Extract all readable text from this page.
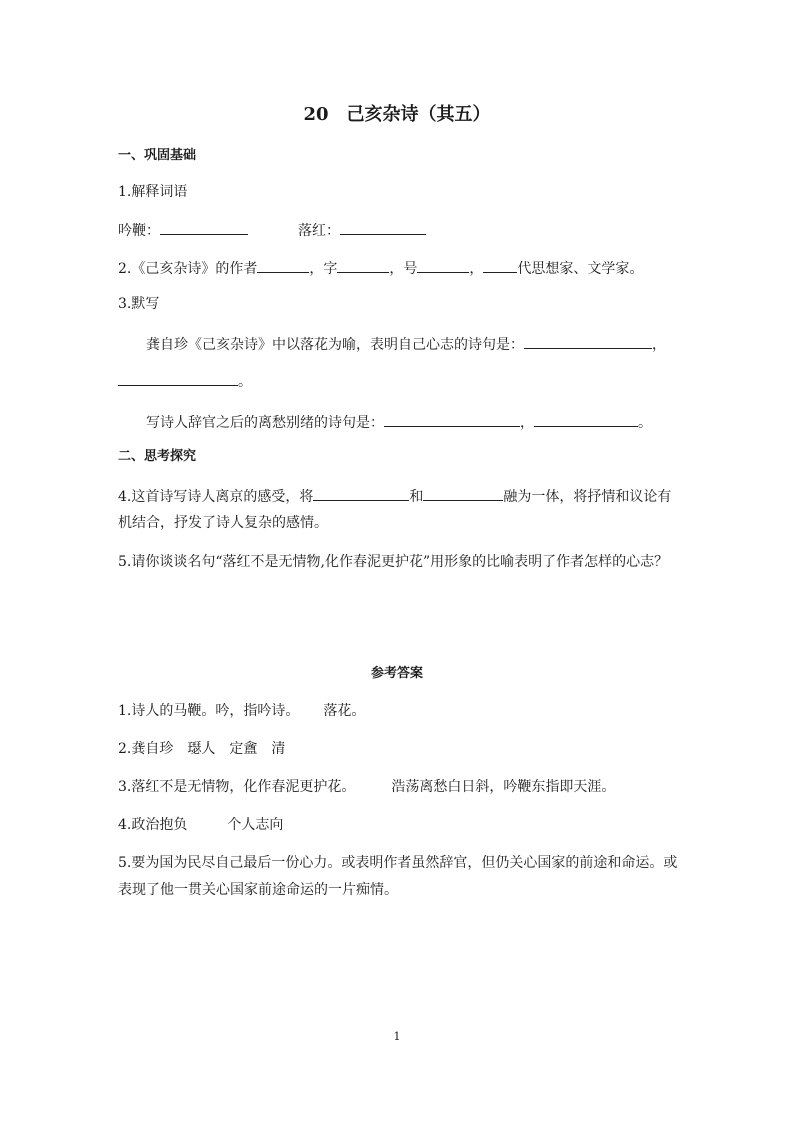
20 己亥杂诗（其五）
一、巩固基础
1.解释词语
吟鞭：	落红：
2.《己亥杂诗》的作者	，字	，号	， 代思想家、文学家。
3.默写
龚自珍《己亥杂诗》中以落花为喻，表明自己心志的诗句是：	，
。
写诗人辞官之后的离愁别绪的诗句是：	，	。
二、思考探究
4.这首诗写诗人离京的感受，将	和	融为一体，将抒情和议论有
机结合，抒发了诗人复杂的感情。
5.请你谈谈名句“落红不是无情物,化作春泥更护花”用形象的比喻表明了作者怎样的心志？
参考答案
1.诗人的马鞭。吟，指吟诗。 落花。
2.龚自珍 璱人 定盦 清
3.落红不是无情物，化作春泥更护花。	浩荡离愁白日斜，吟鞭东指即天涯。
4.政治抱负	个人志向
5.要为国为民尽自己最后一份心力。或表明作者虽然辞官，但仍关心国家的前途和命运。或
表现了他一贯关心国家前途命运的一片痴情。
1
